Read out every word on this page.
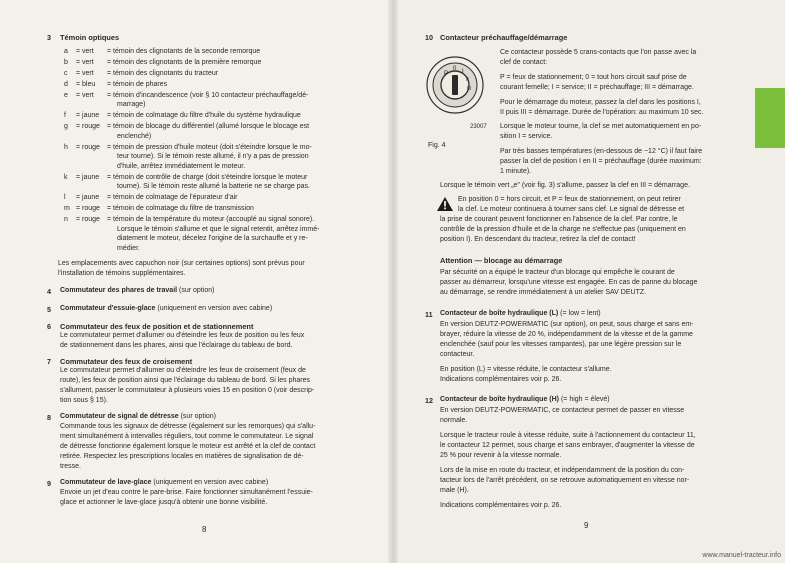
3 Témoin optiques
a = vert = témoin des clignotants de la seconde remorque
b = vert = témoin des clignotants de la première remorque
c = vert = témoin des clignotants du tracteur
d = bleu = témoin de phares
e = vert = témoin d'incandescence (voir § 10 contacteur préchauffage/dé-
marrage)
f = jaune = témoin de colmatage du filtre d'huile du système hydraulique
g = rouge = témoin de blocage du différentiel (allumé lorsque le blocage est
enclenché)
h = rouge = témoin de pression d'huile moteur (doit s'éteindre lorsque le mo-
teur tourne). Si le témoin reste allumé, il n'y a pas de pression
d'huile, arrêtez immédiatement le moteur.
k = jaune = témoin de contrôle de charge (doit s'éteindre lorsque le moteur
tourne). Si le témoin reste allumé la batterie ne se charge pas.
l = jaune = témoin de colmatage de l'épurateur d'air
m = rouge = témoin de colmatage du filtre de transmission
n = rouge = témoin de la température du moteur (accouplé au signal sonore).
Lorsque le témoin s'allume et que le signal retentit, arrêtez immé-
diatement le moteur, décelez l'origine de la surchauffe et y re-
médier.
Les emplacements avec capuchon noir (sur certaines options) sont prévus pour
l'installation de témoins supplémentaires.
4 Commutateur des phares de travail (sur option)
5 Commutateur d'essuie-glace (uniquement en version avec cabine)
6 Commutateur des feux de position et de stationnement
Le commutateur permet d'allumer ou d'éteindre les feux de position ou les feux
de stationnement dans les phares, ainsi que l'éclairage du tableau de bord.
7 Commutateur des feux de croisement
Le commutateur permet d'allumer ou d'éteindre les feux de croisement (feux de
route), les feux de position ainsi que l'éclairage du tableau de bord. Si les phares
s'allument, passer le commutateur à plusieurs voies 15 en position 0 (voir descrip-
tion sous § 15).
8 Commutateur de signal de détresse (sur option)
Commande tous les signaux de détresse (également sur les remorques) qui s'allu-
ment simultanément à intervalles réguliers, tout comme le commutateur. Le signal
de détresse fonctionne également lorsque le moteur est arrêté et la clef de contact
retirée. Respectez les prescriptions locales en matières de signalisation de dé-
tresse.
9 Commutateur de lave-glace (uniquement en version avec cabine)
Envoie un jet d'eau contre le pare-brise. Faire fonctionner simultanément l'essuie-
glace et actionner le lave-glace jusqu'à obtenir une bonne visibilité.
8
10 Contacteur préchauffage/démarrage
P
0 I
II
III
23007
Fig. 4
Ce contacteur possède 5 crans-contacts que l'on passe avec la
clef de contact:
P = feux de stationnement; 0 = tout hors circuit sauf prise de
courant femelle; I = service; II = préchauffage; III = démarrage.
Pour le démarrage du moteur, passez la clef dans les positions I,
II puis III = démarrage. Durée de l'opération: au maximum 10 sec.
Lorsque le moteur tourne, la clef se met automatiquement en po-
sition I = service.
Par très basses températures (en-dessous de −12 °C) il faut faire
passer la clef de position I en II = préchauffage (durée maximum:
1 minute).
Lorsque le témoin vert „e" (voir fig. 3) s'allume, passez la clef en III = démarrage.
En position 0 = hors circuit, et P = feux de stationnement, on peut retirer
la clef. Le moteur continuera à tourner sans clef. Le signal de détresse et
la prise de courant peuvent fonctionner en l'absence de la clef. Par contre, le
contrôle de la pression d'huile et de la charge ne s'effectue pas (uniquement en
position I). En descendant du tracteur, retirez la clef de contact!
Attention — blocage au démarrage
Par sécurité on a équipé le tracteur d'un blocage qui empêche le courant de
passer au démarreur, lorsqu'une vitesse est engagée. En cas de panne du blocage
au démarrage, se rendre immédiatement à un atelier SAV DEUTZ.
11 Contacteur de boîte hydraulique (L) (= low = lent)
En version DEUTZ-POWERMATIC (sur option), on peut, sous charge et sans em-
brayer, réduire la vitesse de 20 %, indépendamment de la vitesse et de la gamme
enclenchée (sauf pour les vitesses rampantes), par une légère pression sur le
contacteur.
En position (L) = vitesse réduite, le contacteur s'allume.
Indications complémentaires voir p. 26.
12 Contacteur de boîte hydraulique (H) (= high = élevé)
En version DEUTZ-POWERMATIC, ce contacteur permet de passer en vitesse
normale.
Lorsque le tracteur roule à vitesse réduite, suite à l'actionnement du contacteur 11,
le contacteur 12 permet, sous charge et sans embrayer, d'augmenter la vitesse de
25 % pour revenir à la vitesse normale.
Lors de la mise en route du tracteur, et indépendamment de la position du con-
tacteur lors de l'arrêt précédent, on se retrouve automatiquement en vitesse nor-
male (H).
Indications complémentaires voir p. 26.
9
www.manuel-tracteur.info
